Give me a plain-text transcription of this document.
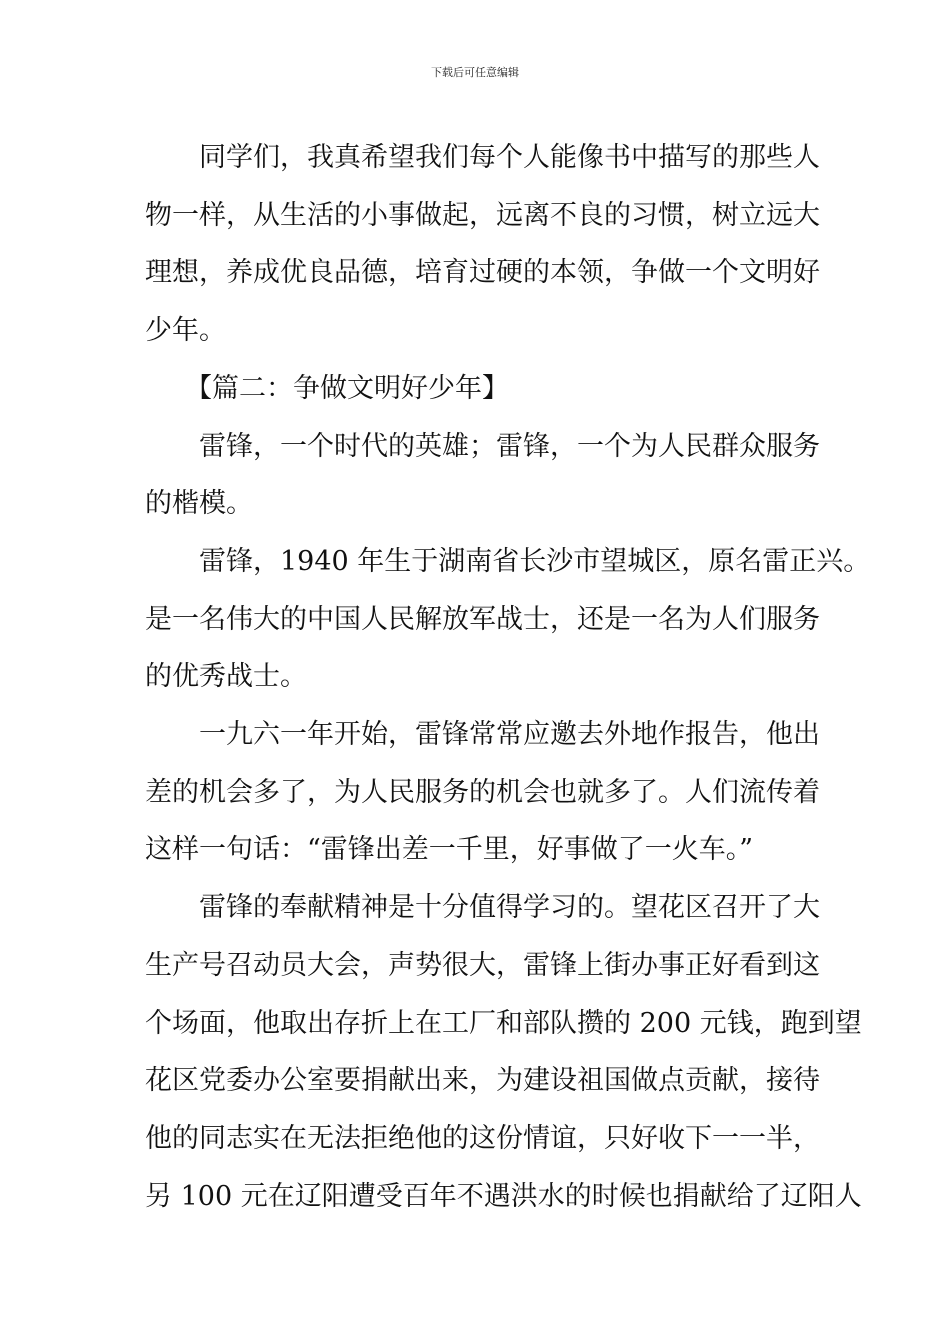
下载后可任意编辑
同学们，我真希望我们每个人能像书中描写的那些人
物一样，从生活的小事做起，远离不良的习惯，树立远大
理想，养成优良品德，培育过硬的本领，争做一个文明好
少年。
【篇二：争做文明好少年】
雷锋，一个时代的英雄；雷锋，一个为人民群众服务
的楷模。
雷锋，1940 年生于湖南省长沙市望城区，原名雷正兴。
是一名伟大的中国人民解放军战士，还是一名为人们服务
的优秀战士。
一九六一年开始，雷锋常常应邀去外地作报告，他出
差的机会多了，为人民服务的机会也就多了。人们流传着
这样一句话：“雷锋出差一千里，好事做了一火车。”
雷锋的奉献精神是十分值得学习的。望花区召开了大
生产号召动员大会，声势很大，雷锋上街办事正好看到这
个场面，他取出存折上在工厂和部队攒的 200 元钱，跑到望
花区党委办公室要捐献出来，为建设祖国做点贡献，接待
他的同志实在无法拒绝他的这份情谊，只好收下一一半，
另 100 元在辽阳遭受百年不遇洪水的时候也捐献给了辽阳人
